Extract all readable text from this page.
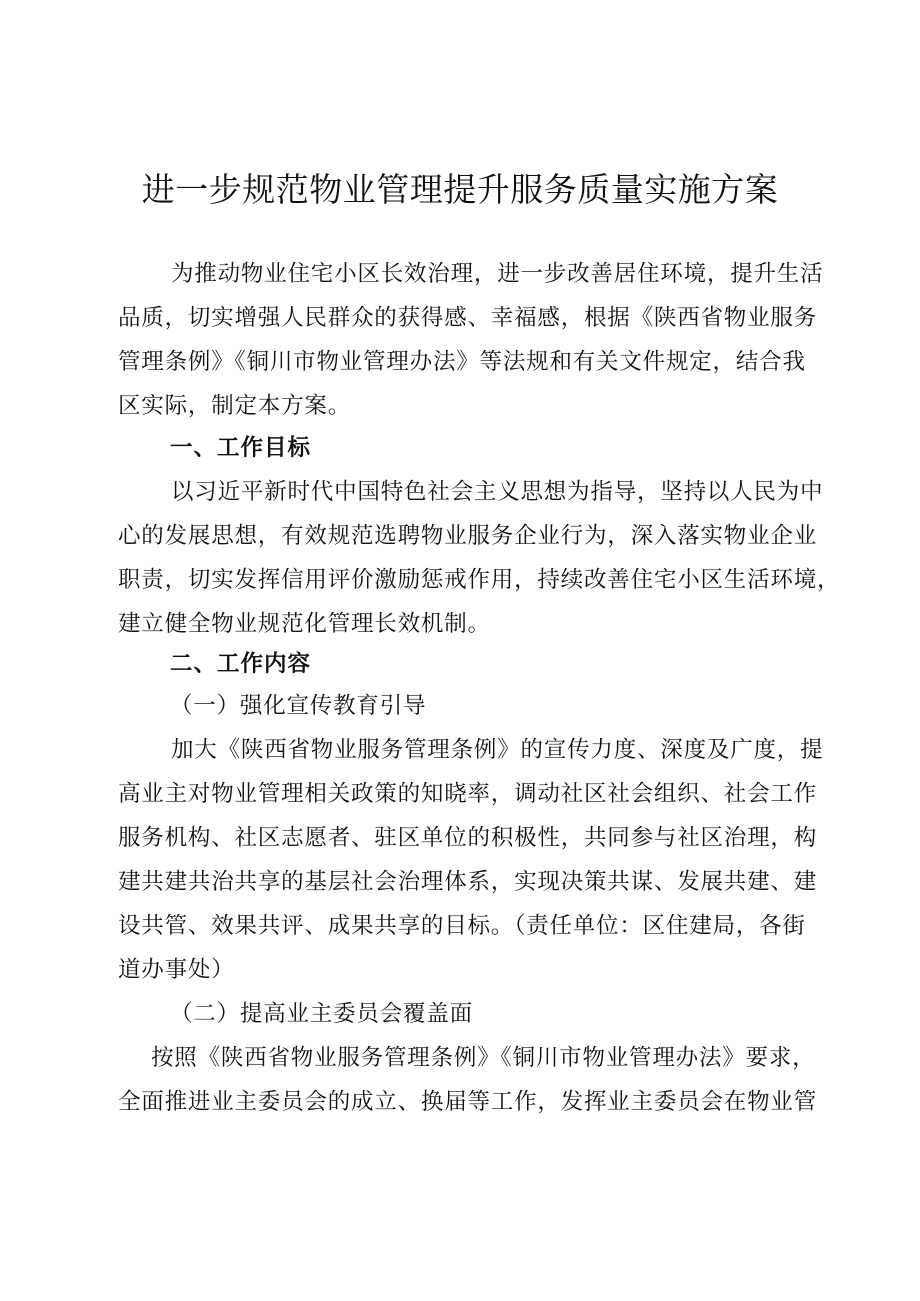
进一步规范物业管理提升服务质量实施方案
为推动物业住宅小区长效治理，进一步改善居住环境，提升生活
品质，切实增强人民群众的获得感、幸福感，根据《陕西省物业服务
管理条例》《铜川市物业管理办法》等法规和有关文件规定，结合我
区实际，制定本方案。
一、工作目标
以习近平新时代中国特色社会主义思想为指导，坚持以人民为中
心的发展思想，有效规范选聘物业服务企业行为，深入落实物业企业
职责，切实发挥信用评价激励惩戒作用，持续改善住宅小区生活环境，
建立健全物业规范化管理长效机制。
二、工作内容
（一）强化宣传教育引导
加大《陕西省物业服务管理条例》的宣传力度、深度及广度，提
高业主对物业管理相关政策的知晓率，调动社区社会组织、社会工作
服务机构、社区志愿者、驻区单位的积极性，共同参与社区治理，构
建共建共治共享的基层社会治理体系，实现决策共谋、发展共建、建
设共管、效果共评、成果共享的目标。（责任单位：区住建局，各街
道办事处）
（二）提高业主委员会覆盖面
按照《陕西省物业服务管理条例》《铜川市物业管理办法》要求，
全面推进业主委员会的成立、换届等工作，发挥业主委员会在物业管
